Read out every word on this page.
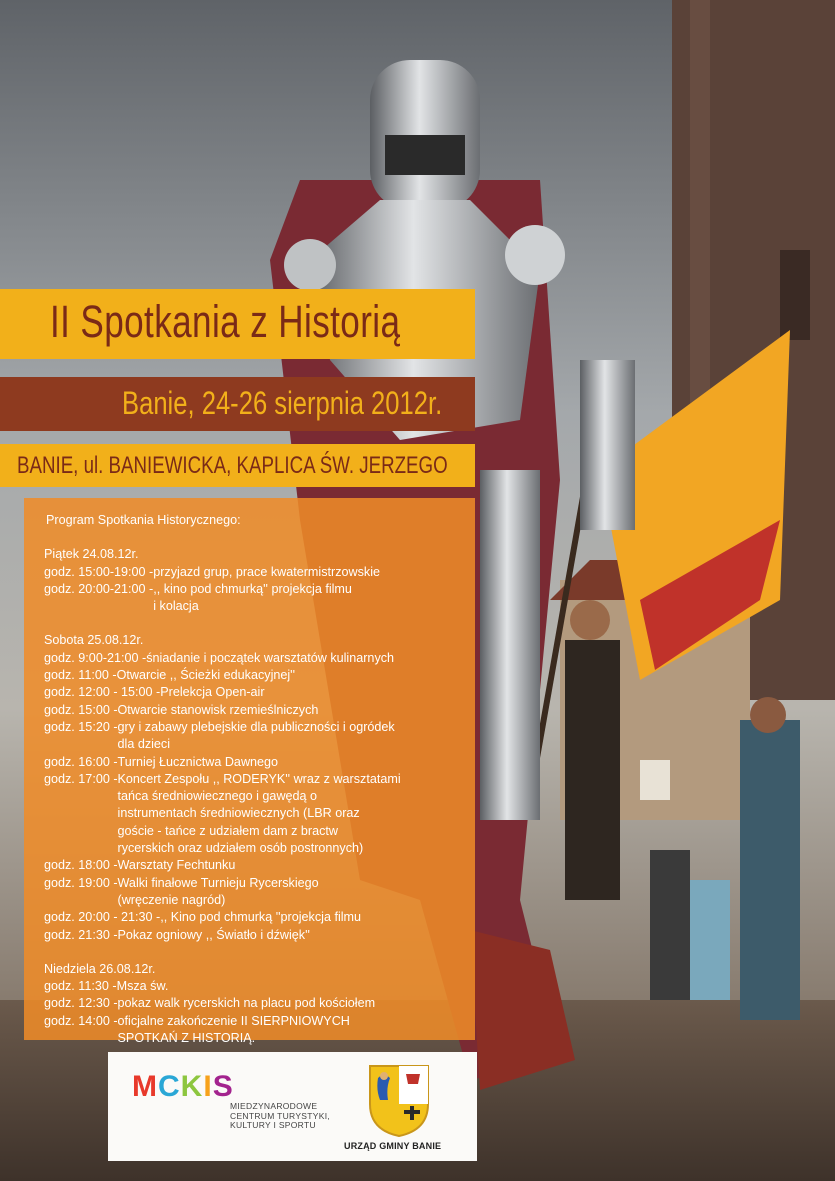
II Spotkania z Historią
Banie, 24-26 sierpnia 2012r.
BANIE, ul. BANIEWICKA, KAPLICA ŚW. JERZEGO
Program Spotkania Historycznego:
Piątek 24.08.12r.
godz. 15:00-19:00 - przyjazd grup, prace kwatermistrzowskie
godz. 20:00-21:00 - ,, kino pod chmurką'' projekcja filmu
i kolacja
Sobota 25.08.12r.
godz. 9:00-21:00 - śniadanie i początek warsztatów kulinarnych
godz. 11:00 - Otwarcie ,, Ścieżki edukacyjnej''
godz. 12:00 - 15:00 - Prelekcja Open-air
godz. 15:00 - Otwarcie stanowisk rzemieślniczych
godz. 15:20 - gry i zabawy plebejskie dla publiczności i ogródek
dla dzieci
godz. 16:00 - Turniej Łucznictwa Dawnego
godz. 17:00 - Koncert Zespołu ,, RODERYK'' wraz z warsztatami
tańca średniowiecznego i gawędą o
instrumentach średniowiecznych (LBR oraz
goście - tańce z udziałem dam z bractw
rycerskich oraz udziałem osób postronnych)
godz. 18:00 - Warsztaty Fechtunku
godz. 19:00 - Walki finałowe Turnieju Rycerskiego
(wręczenie nagród)
godz. 20:00 - 21:30 - ,, Kino pod chmurką ''projekcja filmu
godz. 21:30 - Pokaz ogniowy ,, Światło i dźwięk''
Niedziela 26.08.12r.
godz. 11:30 - Msza św.
godz. 12:30 - pokaz walk rycerskich na placu pod kościołem
godz. 14:00 - oficjalne zakończenie II SIERPNIOWYCH
SPOTKAŃ Z HISTORIĄ.
MCKIS
MIEDZYNARODOWE
CENTRUM TURYSTYKI,
KULTURY I SPORTU
URZĄD GMINY BANIE
